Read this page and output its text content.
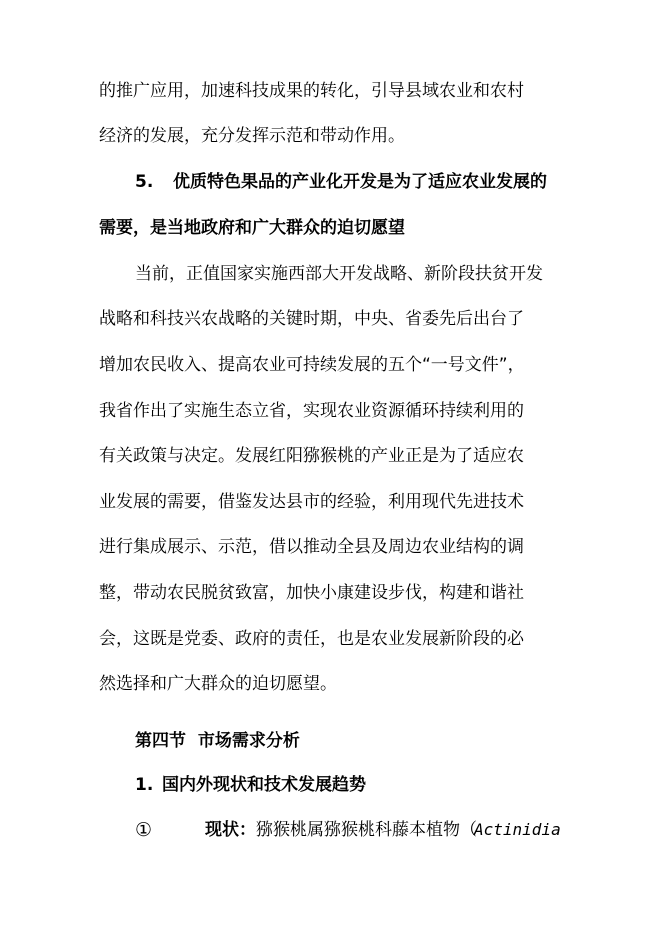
的推广应用，加速科技成果的转化，引导县域农业和农村
经济的发展，充分发挥示范和带动作用。
5. 优质特色果品的产业化开发是为了适应农业发展的
需要，是当地政府和广大群众的迫切愿望
当前，正值国家实施西部大开发战略、新阶段扶贫开发
战略和科技兴农战略的关键时期，中央、省委先后出台了
增加农民收入、提高农业可持续发展的五个“一号文件”，
我省作出了实施生态立省，实现农业资源循环持续利用的
有关政策与决定。发展红阳猕猴桃的产业正是为了适应农
业发展的需要，借鉴发达县市的经验，利用现代先进技术
进行集成展示、示范，借以推动全县及周边农业结构的调
整，带动农民脱贫致富，加快小康建设步伐，构建和谐社
会，这既是党委、政府的责任，也是农业发展新阶段的必
然选择和广大群众的迫切愿望。
第四节  市场需求分析
1. 国内外现状和技术发展趋势
①	现状： 猕猴桃属猕猴桃科藤本植物（
Actinidia
